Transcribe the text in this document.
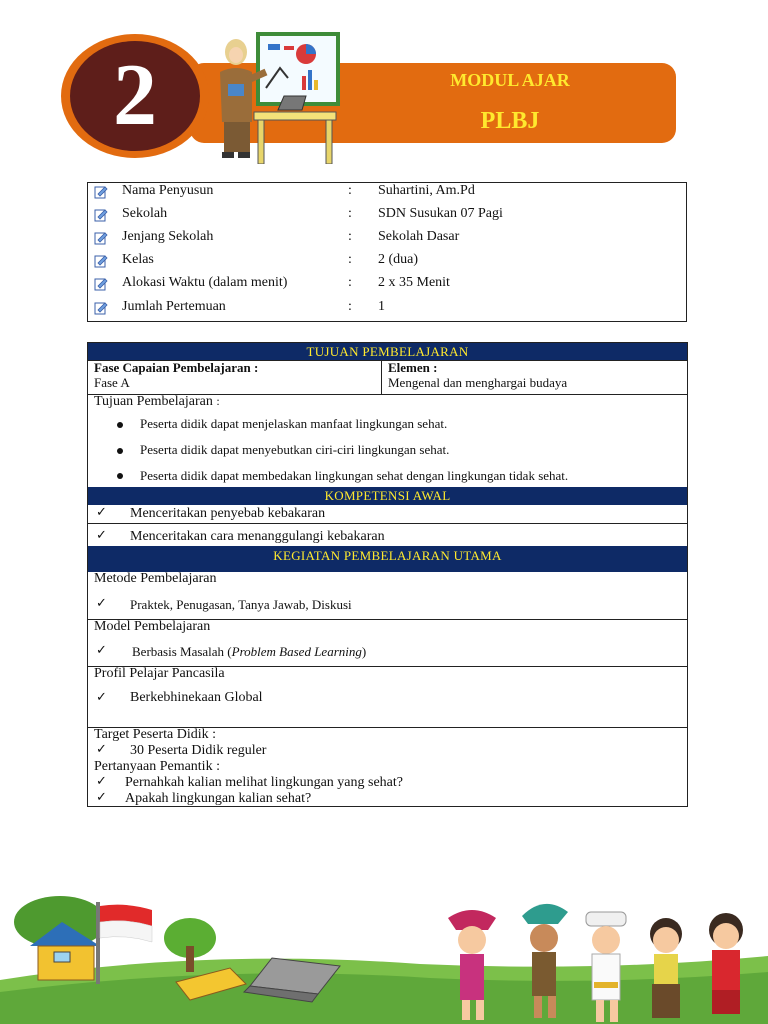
2	MODUL AJAR
PLBJ
Nama Penyusun	: Suhartini, Am.Pd
Sekolah	: SDN Susukan 07 Pagi
Jenjang Sekolah	: Sekolah Dasar
Kelas	: 2 (dua)
Alokasi Waktu (dalam menit)	: 2 x 35 Menit
Jumlah Pertemuan	: 1
TUJUAN PEMBELAJARAN
Fase Capaian Pembelajaran :
Fase A
Elemen :
Mengenal dan menghargai budaya
Tujuan Pembelajaran :
Peserta didik dapat menjelaskan manfaat lingkungan sehat.
Peserta didik dapat menyebutkan ciri-ciri lingkungan sehat.
Peserta didik dapat membedakan lingkungan sehat dengan lingkungan tidak sehat.
KOMPETENSI AWAL
✓ Menceritakan penyebab kebakaran
✓ Menceritakan cara menanggulangi kebakaran
KEGIATAN PEMBELAJARAN UTAMA
Metode Pembelajaran
✓ Praktek, Penugasan, Tanya Jawab, Diskusi
Model Pembelajaran
✓ Berbasis Masalah (Problem Based Learning)
Profil Pelajar Pancasila
✓ Berkebhinekaan Global
Target Peserta Didik :
✓ 30 Peserta Didik reguler
Pertanyaan Pemantik :
✓ Pernahkah kalian melihat lingkungan yang sehat?
✓ Apakah lingkungan kalian sehat?
